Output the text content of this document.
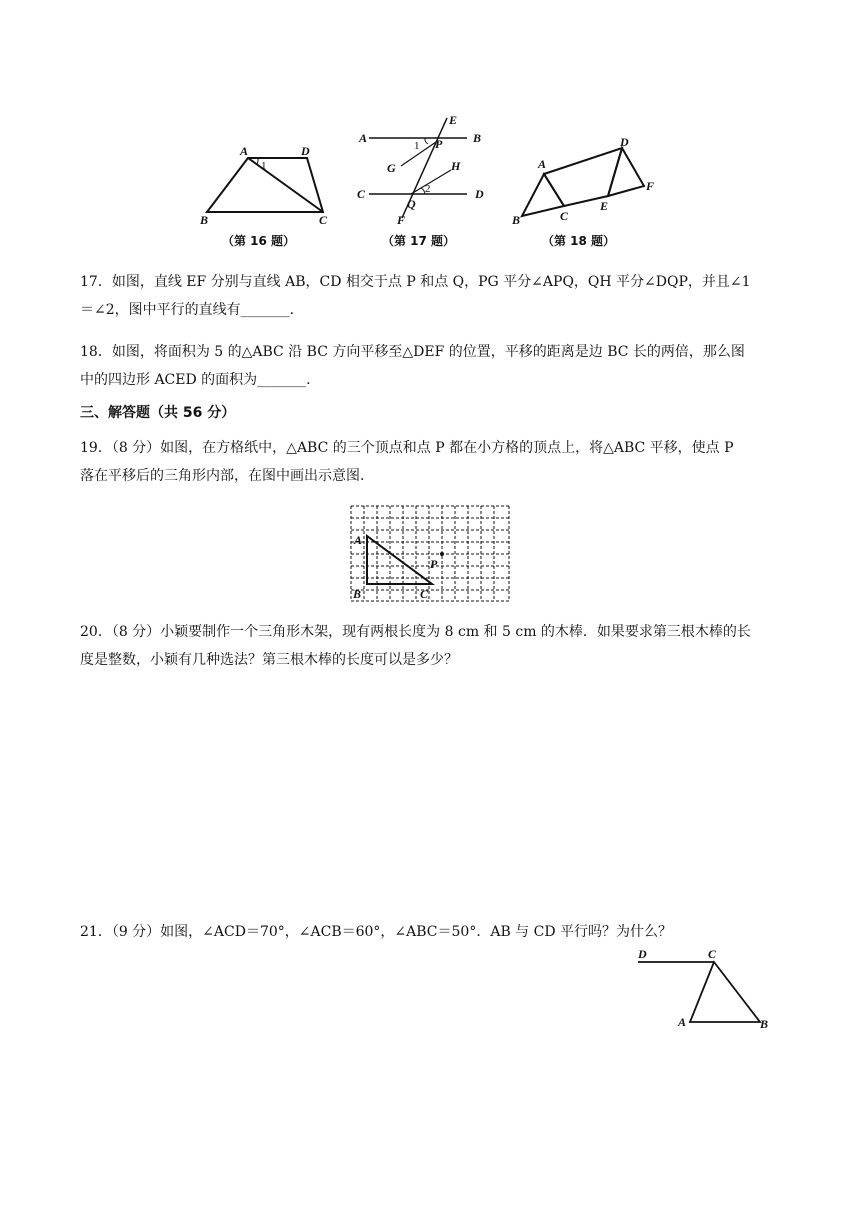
A	D
B	C
1
（第 16 题）
A	B
C	D
E
F
G	H
P
Q
1
2
（第 17 题）
A
B	C
D
E
F
（第 18 题）
17．如图，直线 EF 分别与直线 AB，CD 相交于点 P 和点 Q，PG 平分∠APQ，QH 平分∠DQP，并且∠1
＝∠2，图中平行的直线有_______.
18．如图，将面积为 5 的△ABC 沿 BC 方向平移至△DEF 的位置，平移的距离是边 BC 长的两倍，那么图
中的四边形 ACED 的面积为_______.
三、解答题（共 56 分）
19．（8 分）如图，在方格纸中，△ABC 的三个顶点和点 P 都在小方格的顶点上，将△ABC 平移，使点 P
落在平移后的三角形内部，在图中画出示意图.
A
B	C
P
20．（8 分）小颖要制作一个三角形木架，现有两根长度为 8 cm 和 5 cm 的木棒．如果要求第三根木棒的长
度是整数，小颖有几种选法？第三根木棒的长度可以是多少？
21．（9 分）如图，∠ACD＝70°，∠ACB＝60°，∠ABC＝50°．AB 与 CD 平行吗？为什么？
D	C
A	B
